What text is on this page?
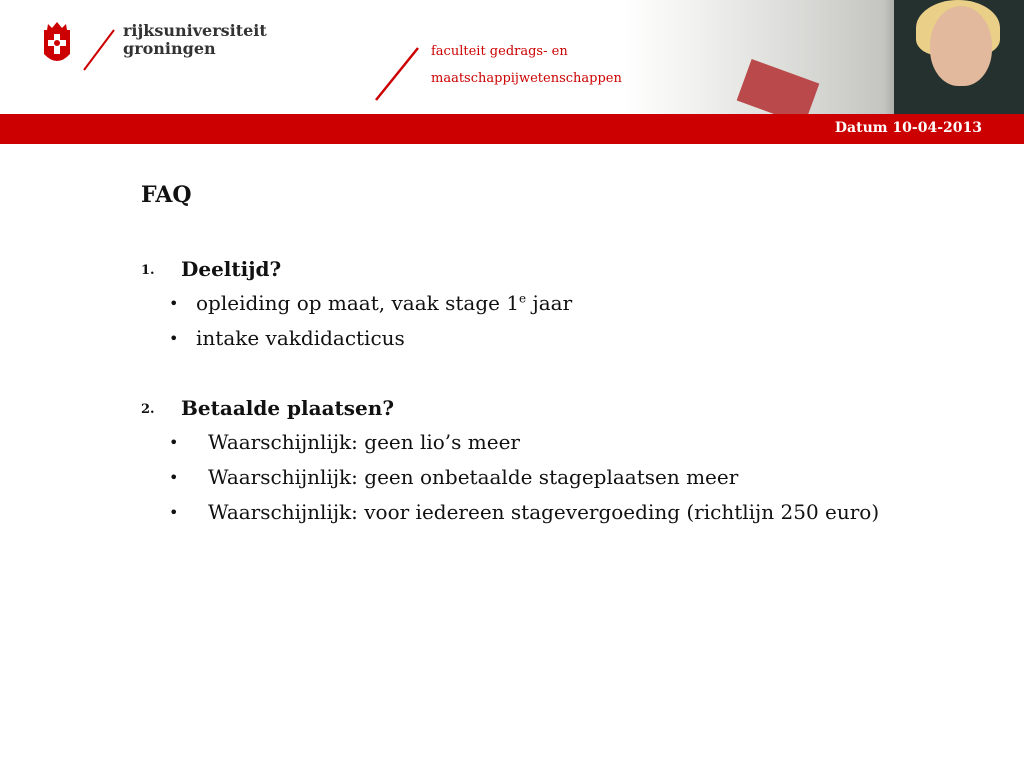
rijksuniversiteit
groningen	faculteit gedrags- en
maatschappijwetenschappen
Datum 10-04-2013
FAQ
1. Deeltijd?
• opleiding op maat, vaak stage 1e jaar
• intake vakdidacticus
2. Betaalde plaatsen?
• Waarschijnlijk: geen lio’s meer
• Waarschijnlijk: geen onbetaalde stageplaatsen meer
• Waarschijnlijk: voor iedereen stagevergoeding (richtlijn 250 euro)
